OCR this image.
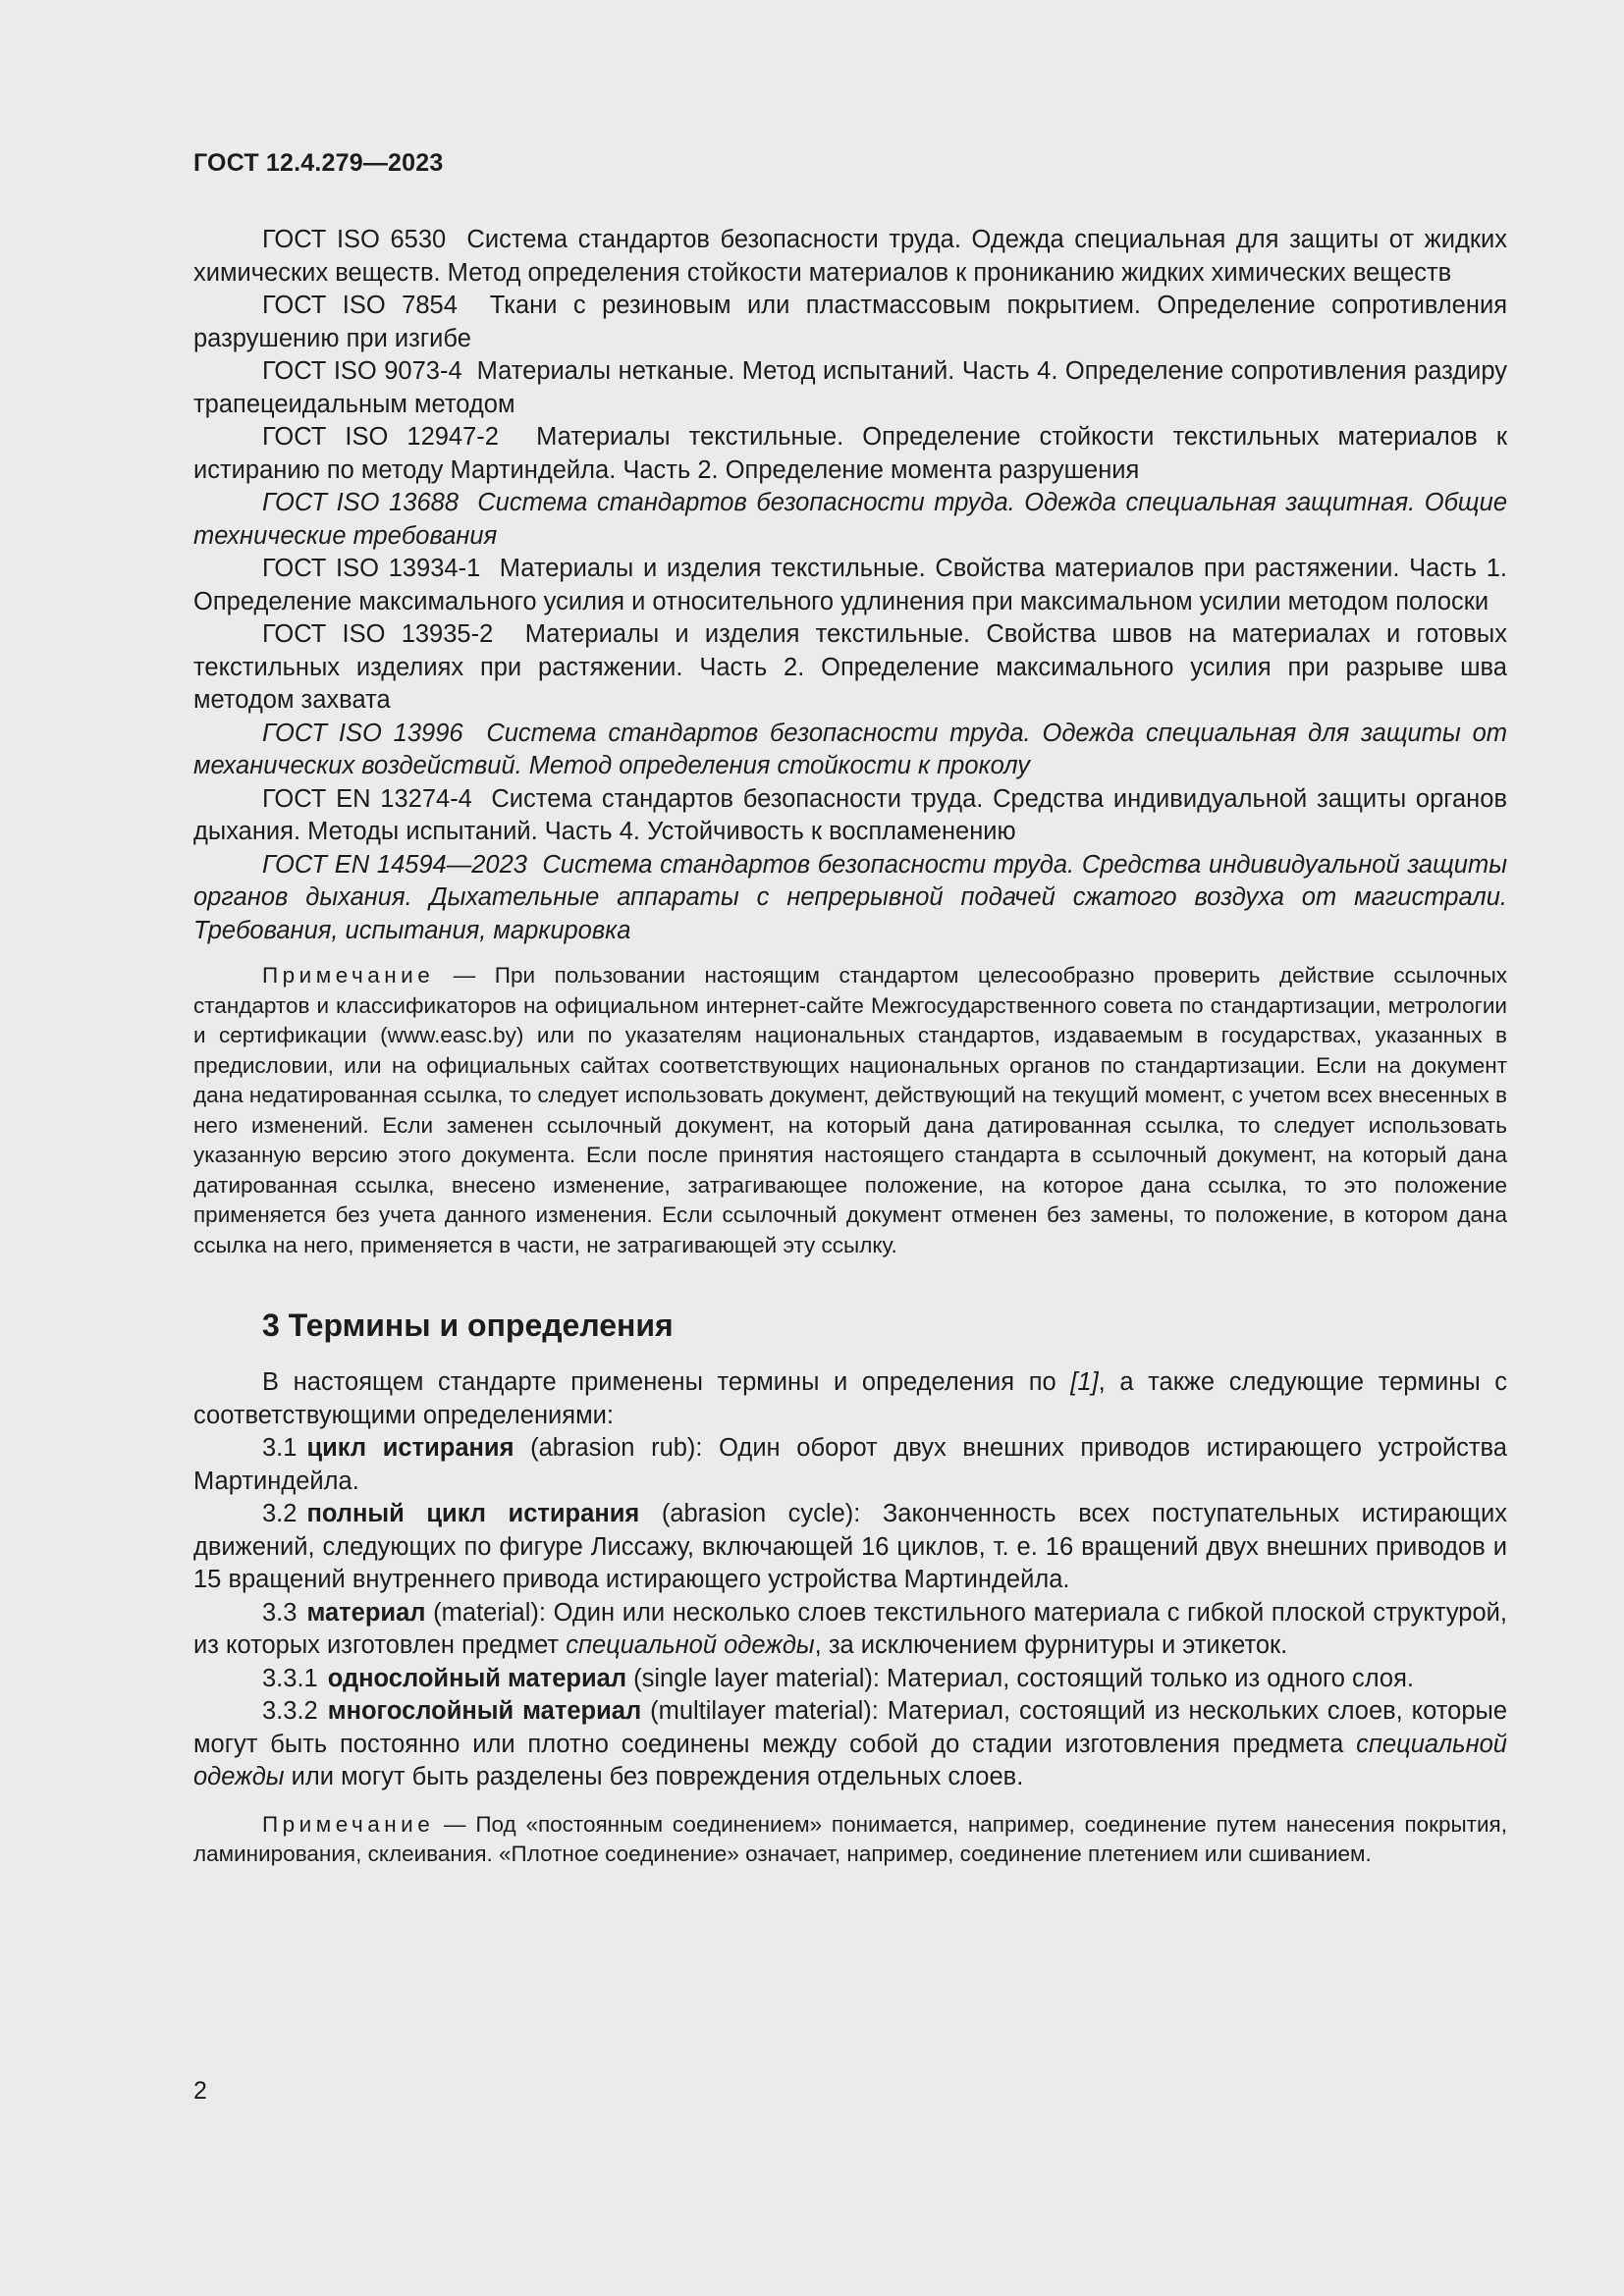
ГОСТ 12.4.279—2023

ГОСТ ISO 6530 Система стандартов безопасности труда. Одежда специальная для защиты от жидких химических веществ. Метод определения стойкости материалов к прониканию жидких химических веществ

ГОСТ ISO 7854 Ткани с резиновым или пластмассовым покрытием. Определение сопротивления разрушению при изгибе

ГОСТ ISO 9073-4 Материалы нетканые. Метод испытаний. Часть 4. Определение сопротивления раздиру трапецеидальным методом

ГОСТ ISO 12947-2 Материалы текстильные. Определение стойкости текстильных материалов к истиранию по методу Мартиндейла. Часть 2. Определение момента разрушения

ГОСТ ISO 13688 Система стандартов безопасности труда. Одежда специальная защитная. Общие технические требования

ГОСТ ISO 13934-1 Материалы и изделия текстильные. Свойства материалов при растяжении. Часть 1. Определение максимального усилия и относительного удлинения при максимальном усилии методом полоски

ГОСТ ISO 13935-2 Материалы и изделия текстильные. Свойства швов на материалах и готовых текстильных изделиях при растяжении. Часть 2. Определение максимального усилия при разрыве шва методом захвата

ГОСТ ISO 13996 Система стандартов безопасности труда. Одежда специальная для защиты от механических воздействий. Метод определения стойкости к проколу

ГОСТ EN 13274-4 Система стандартов безопасности труда. Средства индивидуальной защиты органов дыхания. Методы испытаний. Часть 4. Устойчивость к воспламенению

ГОСТ EN 14594—2023 Система стандартов безопасности труда. Средства индивидуальной защиты органов дыхания. Дыхательные аппараты с непрерывной подачей сжатого воздуха от магистрали. Требования, испытания, маркировка

Примечание — При пользовании настоящим стандартом целесообразно проверить действие ссылочных стандартов и классификаторов на официальном интернет-сайте Межгосударственного совета по стандартизации, метрологии и сертификации (www.easc.by) или по указателям национальных стандартов, издаваемым в государствах, указанных в предисловии, или на официальных сайтах соответствующих национальных органов по стандартизации. Если на документ дана недатированная ссылка, то следует использовать документ, действующий на текущий момент, с учетом всех внесенных в него изменений. Если заменен ссылочный документ, на который дана датированная ссылка, то следует использовать указанную версию этого документа. Если после принятия настоящего стандарта в ссылочный документ, на который дана датированная ссылка, внесено изменение, затрагивающее положение, на которое дана ссылка, то это положение применяется без учета данного изменения. Если ссылочный документ отменен без замены, то положение, в котором дана ссылка на него, применяется в части, не затрагивающей эту ссылку.

3 Термины и определения

В настоящем стандарте применены термины и определения по [1], а также следующие термины с соответствующими определениями:

3.1 цикл истирания (abrasion rub): Один оборот двух внешних приводов истирающего устройства Мартиндейла.

3.2 полный цикл истирания (abrasion cycle): Законченность всех поступательных истирающих движений, следующих по фигуре Лиссажу, включающей 16 циклов, т. е. 16 вращений двух внешних приводов и 15 вращений внутреннего привода истирающего устройства Мартиндейла.

3.3 материал (material): Один или несколько слоев текстильного материала с гибкой плоской структурой, из которых изготовлен предмет специальной одежды, за исключением фурнитуры и этикеток.

3.3.1 однослойный материал (single layer material): Материал, состоящий только из одного слоя.

3.3.2 многослойный материал (multilayer material): Материал, состоящий из нескольких слоев, которые могут быть постоянно или плотно соединены между собой до стадии изготовления предмета специальной одежды или могут быть разделены без повреждения отдельных слоев.

Примечание — Под «постоянным соединением» понимается, например, соединение путем нанесения покрытия, ламинирования, склеивания. «Плотное соединение» означает, например, соединение плетением или сшиванием.

2
